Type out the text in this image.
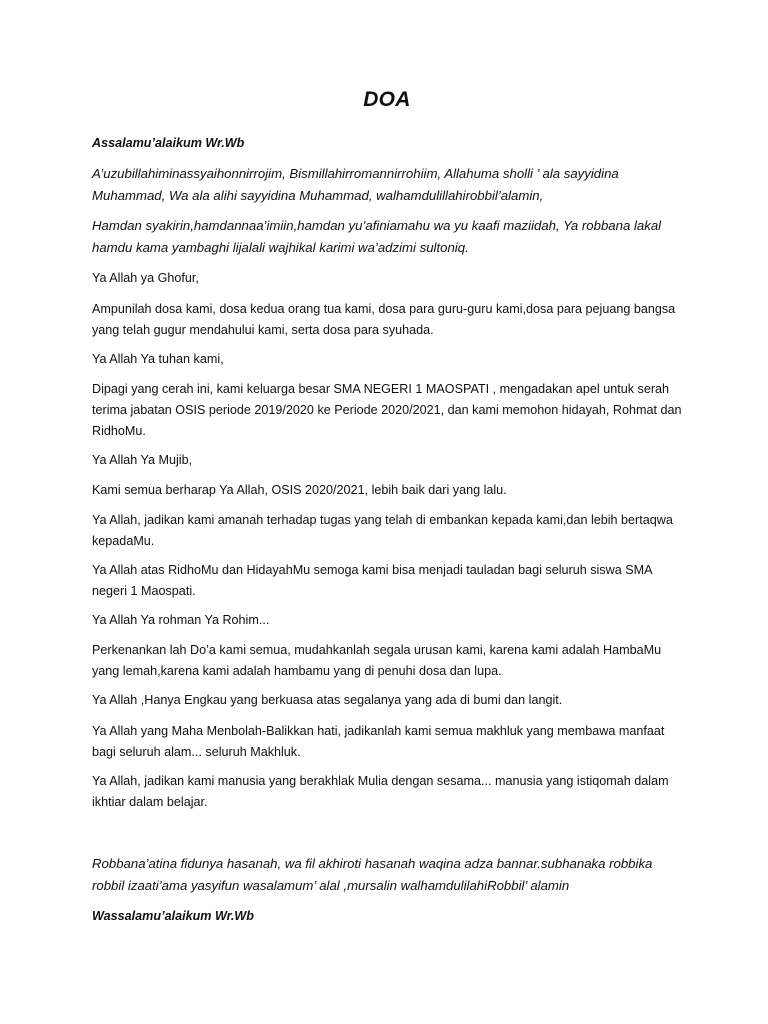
DOA

Assalamu’alaikum Wr.Wb

A’uzubillahiminassyaihonnirrojim, Bismillahirromannirrohiim, Allahuma sholli ’ ala sayyidina Muhammad, Wa ala alihi sayyidina Muhammad, walhamdulillahirobbil’alamin,

Hamdan syakirin,hamdannaa’imiin,hamdan yu’afiniamahu wa yu kaafi maziidah, Ya robbana lakal hamdu kama yambaghi lijalali wajhikal karimi wa’adzimi sultoniq.

Ya Allah ya Ghofur,

Ampunilah dosa kami, dosa kedua orang tua kami, dosa para guru-guru kami,dosa para pejuang bangsa yang telah gugur mendahului kami, serta dosa para syuhada.

Ya Allah Ya tuhan kami,

Dipagi yang cerah ini, kami keluarga besar SMA NEGERI 1 MAOSPATI , mengadakan apel untuk serah terima jabatan OSIS periode 2019/2020 ke Periode 2020/2021, dan kami memohon hidayah, Rohmat dan RidhoMu.

Ya Allah Ya Mujib,

Kami semua berharap Ya Allah, OSIS 2020/2021, lebih baik dari yang lalu.

Ya Allah, jadikan kami amanah terhadap tugas yang telah di embankan kepada kami,dan lebih bertaqwa kepadaMu.

Ya Allah atas RidhoMu dan HidayahMu semoga kami bisa menjadi tauladan bagi seluruh siswa SMA negeri 1 Maospati.

Ya Allah Ya rohman Ya Rohim...

Perkenankan lah Do’a kami semua, mudahkanlah segala urusan kami, karena kami adalah HambaMu yang lemah,karena kami adalah hambamu yang di penuhi dosa dan lupa.

Ya Allah ,Hanya Engkau yang berkuasa atas segalanya yang ada di bumi dan langit.

Ya Allah yang Maha Menbolah-Balikkan hati, jadikanlah kami semua makhluk yang membawa manfaat bagi seluruh alam... seluruh Makhluk.

Ya Allah, jadikan kami manusia yang berakhlak Mulia dengan sesama... manusia yang istiqomah dalam ikhtiar dalam belajar.

Robbana’atina fidunya hasanah, wa fil akhiroti hasanah waqina adza bannar.subhanaka robbika robbil izaati’ama yasyifun wasalamum’ alal ,mursalin walhamdulilahiRobbil’ alamin

Wassalamu’alaikum Wr.Wb
